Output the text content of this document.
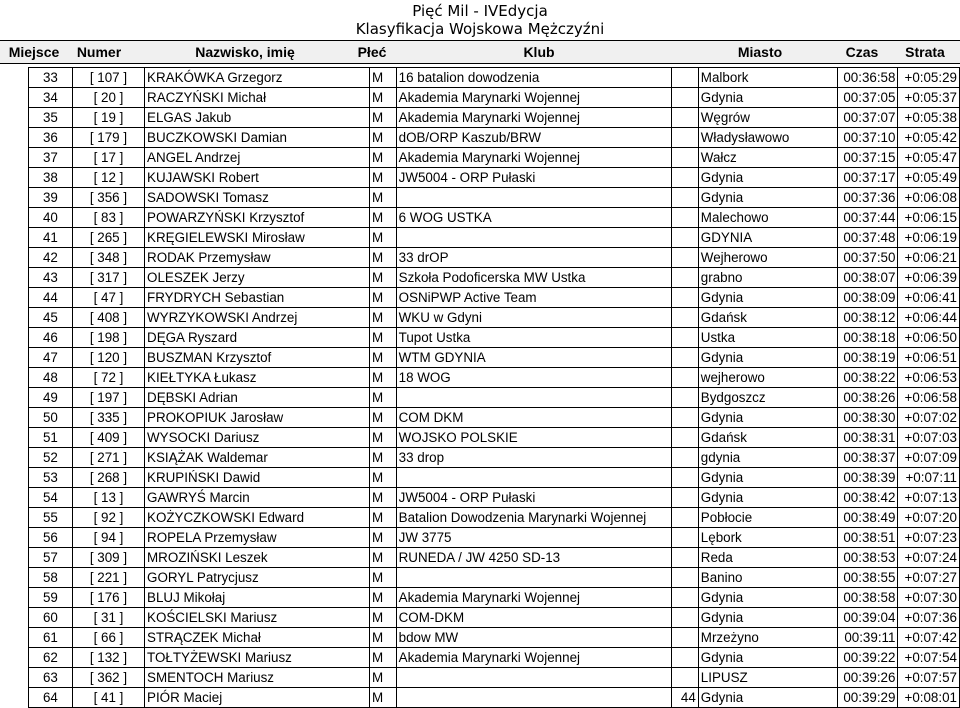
Pięć Mil - IVEdycja
Klasyfikacja Wojskowa Mężczyźni
Miejsce	Numer	Nazwisko, imię	Płeć	Klub	Miasto	Czas	Strata
33	[ 107 ]	KRAKÓWKA Grzegorz	M	16 batalion dowodzenia		Malbork	00:36:58	+0:05:29
34	[ 20 ]	RACZYŃSKI Michał	M	Akademia Marynarki Wojennej		Gdynia	00:37:05	+0:05:37
35	[ 19 ]	ELGAS Jakub	M	Akademia Marynarki Wojennej		Węgrów	00:37:07	+0:05:38
36	[ 179 ]	BUCZKOWSKI Damian	M	dOB/ORP Kaszub/BRW		Władysławowo	00:37:10	+0:05:42
37	[ 17 ]	ANGEL Andrzej	M	Akademia Marynarki Wojennej		Wałcz	00:37:15	+0:05:47
38	[ 12 ]	KUJAWSKI Robert	M	JW5004 - ORP Pułaski		Gdynia	00:37:17	+0:05:49
39	[ 356 ]	SADOWSKI Tomasz	M			Gdynia	00:37:36	+0:06:08
40	[ 83 ]	POWARZYŃSKI Krzysztof	M	6 WOG USTKA		Malechowo	00:37:44	+0:06:15
41	[ 265 ]	KRĘGIELEWSKI Mirosław	M			GDYNIA	00:37:48	+0:06:19
42	[ 348 ]	RODAK Przemysław	M	33 drOP		Wejherowo	00:37:50	+0:06:21
43	[ 317 ]	OLESZEK Jerzy	M	Szkoła Podoficerska MW Ustka		grabno	00:38:07	+0:06:39
44	[ 47 ]	FRYDRYCH Sebastian	M	OSNiPWP Active Team		Gdynia	00:38:09	+0:06:41
45	[ 408 ]	WYRZYKOWSKI Andrzej	M	WKU w Gdyni		Gdańsk	00:38:12	+0:06:44
46	[ 198 ]	DĘGA Ryszard	M	Tupot Ustka		Ustka	00:38:18	+0:06:50
47	[ 120 ]	BUSZMAN Krzysztof	M	WTM GDYNIA		Gdynia	00:38:19	+0:06:51
48	[ 72 ]	KIEŁTYKA Łukasz	M	18 WOG		wejherowo	00:38:22	+0:06:53
49	[ 197 ]	DĘBSKI Adrian	M			Bydgoszcz	00:38:26	+0:06:58
50	[ 335 ]	PROKOPIUK Jarosław	M	COM DKM		Gdynia	00:38:30	+0:07:02
51	[ 409 ]	WYSOCKI Dariusz	M	WOJSKO POLSKIE		Gdańsk	00:38:31	+0:07:03
52	[ 271 ]	KSIĄŻAK Waldemar	M	33 drop		gdynia	00:38:37	+0:07:09
53	[ 268 ]	KRUPIŃSKI Dawid	M			Gdynia	00:38:39	+0:07:11
54	[ 13 ]	GAWRYŚ Marcin	M	JW5004 - ORP Pułaski		Gdynia	00:38:42	+0:07:13
55	[ 92 ]	KOŻYCZKOWSKI Edward	M	Batalion Dowodzenia Marynarki Wojennej		Pobłocie	00:38:49	+0:07:20
56	[ 94 ]	ROPELA Przemysław	M	JW 3775		Lębork	00:38:51	+0:07:23
57	[ 309 ]	MROZIŃSKI Leszek	M	RUNEDA / JW 4250 SD-13		Reda	00:38:53	+0:07:24
58	[ 221 ]	GORYL Patrycjusz	M			Banino	00:38:55	+0:07:27
59	[ 176 ]	BLUJ Mikołaj	M	Akademia Marynarki Wojennej		Gdynia	00:38:58	+0:07:30
60	[ 31 ]	KOŚCIELSKI Mariusz	M	COM-DKM		Gdynia	00:39:04	+0:07:36
61	[ 66 ]	STRĄCZEK Michał	M	bdow MW		Mrzeżyno	00:39:11	+0:07:42
62	[ 132 ]	TOŁTYŻEWSKI Mariusz	M	Akademia Marynarki Wojennej		Gdynia	00:39:22	+0:07:54
63	[ 362 ]	SMENTOCH Mariusz	M			LIPUSZ	00:39:26	+0:07:57
64	[ 41 ]	PIÓR Maciej	M		44	Gdynia	00:39:29	+0:08:01
